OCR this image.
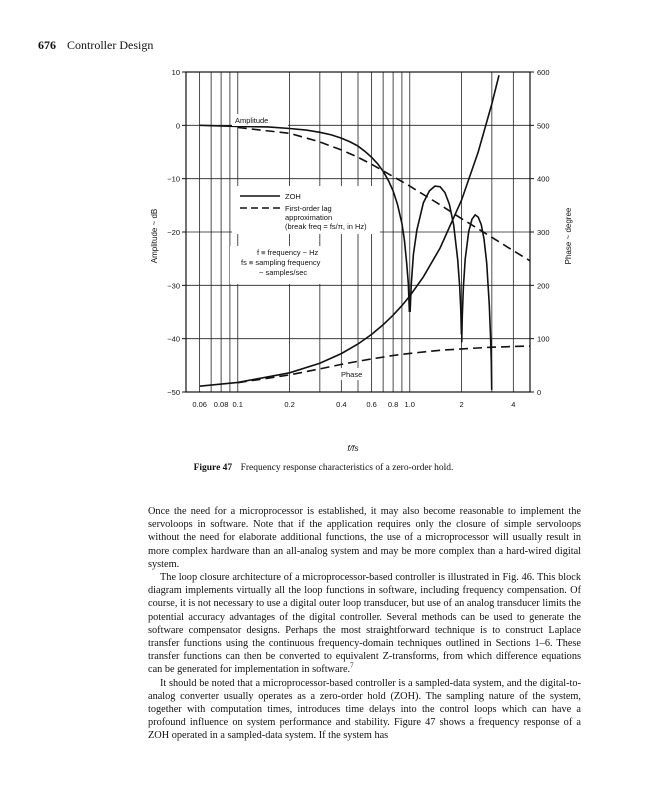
676 Controller Design
10
0
−10
−20
−30
−40
−50
600
500
400
300
200
100
0
0.06 0.08 0.1	0.2	0.4	0.6 0.8 1.0	2	4
ZOH
First-order lag
approximation
(break freq = fs/π, in Hz)
f ≡ frequency ~ Hz
fs ≡ sampling frequency
~ samples/sec
Amplitude
Phase
f/fs
Amplitude ~ dB	Phase ~ degree
Figure 47 Frequency response characteristics of a zero-order hold.

Once the need for a microprocessor is established, it may also become reasonable to implement the servoloops in software. Note that if the application requires only the closure of simple servoloops without the need for elaborate additional functions, the use of a microprocessor will usually result in more complex hardware than an all-analog system and may be more complex than a hard-wired digital system.

The loop closure architecture of a microprocessor-based controller is illustrated in Fig. 46. This block diagram implements virtually all the loop functions in software, including frequency compensation. Of course, it is not necessary to use a digital outer loop transducer, but use of an analog transducer limits the potential accuracy advantages of the digital controller. Several methods can be used to generate the software compensator designs. Perhaps the most straightforward technique is to construct Laplace transfer functions using the continuous frequency-domain techniques outlined in Sections 1–6. These transfer functions can then be converted to equivalent Z-transforms, from which difference equations can be generated for implementation in software.$^7$

It should be noted that a microprocessor-based controller is a sampled-data system, and the digital-to-analog converter usually operates as a zero-order hold (ZOH). The sampling nature of the system, together with computation times, introduces time delays into the control loops which can have a profound influence on system performance and stability. Figure 47 shows a frequency response of a ZOH operated in a sampled-data system. If the system has
